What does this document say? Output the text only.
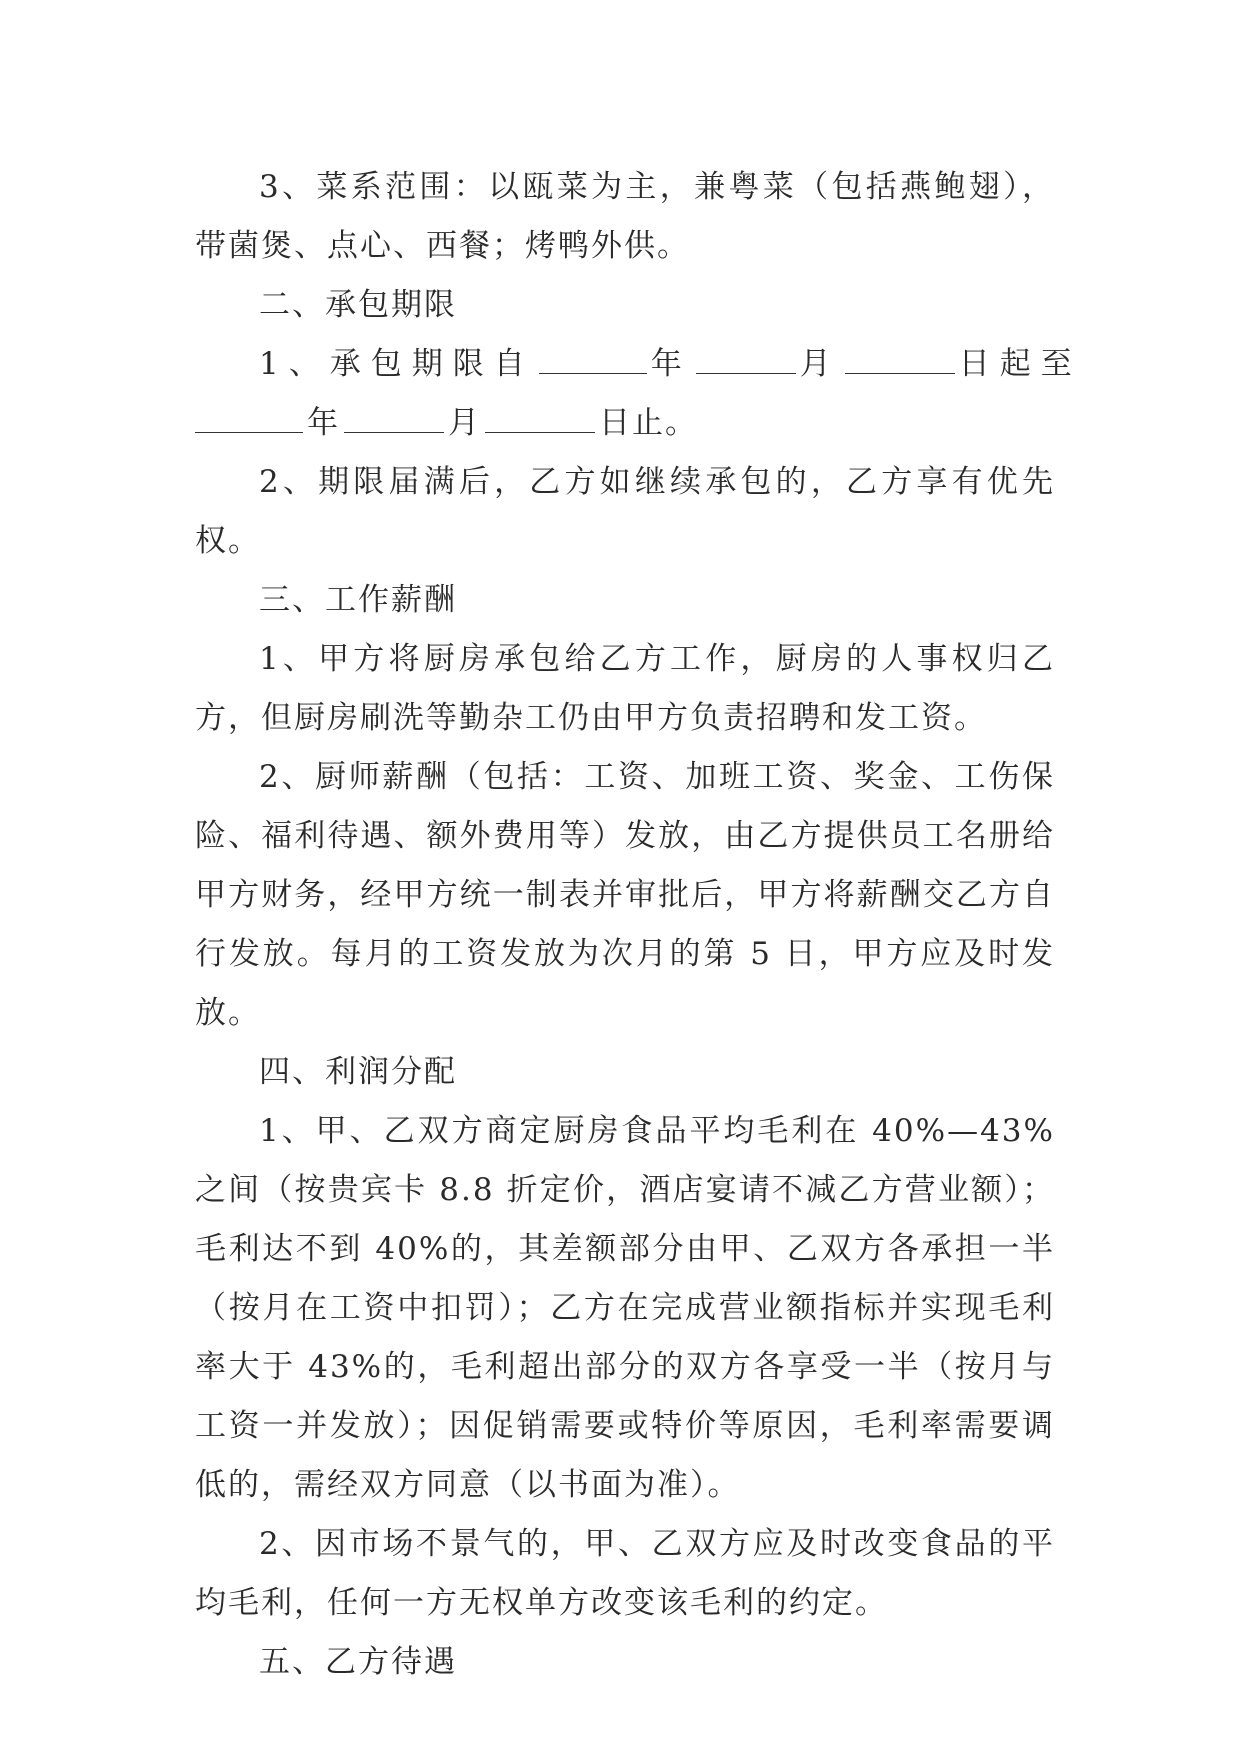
3、菜系范围：以瓯菜为主，兼粤菜（包括燕鲍翅），带菌煲、点心、西餐；烤鸭外供。

二、承包期限

1、承包期限自	年	月	日起至

年	月	日止。

2、期限届满后，乙方如继续承包的，乙方享有优先权。

三、工作薪酬

1、甲方将厨房承包给乙方工作，厨房的人事权归乙方，但厨房刷洗等勤杂工仍由甲方负责招聘和发工资。

2、厨师薪酬（包括：工资、加班工资、奖金、工伤保险、福利待遇、额外费用等）发放，由乙方提供员工名册给甲方财务，经甲方统一制表并审批后，甲方将薪酬交乙方自行发放。每月的工资发放为次月的第 5 日，甲方应及时发放。

四、利润分配

1、甲、乙双方商定厨房食品平均毛利在 40%—43%之间（按贵宾卡 8.8 折定价，酒店宴请不减乙方营业额）；毛利达不到 40%的，其差额部分由甲、乙双方各承担一半（按月在工资中扣罚）；乙方在完成营业额指标并实现毛利率大于 43%的，毛利超出部分的双方各享受一半（按月与工资一并发放）；因促销需要或特价等原因，毛利率需要调低的，需经双方同意（以书面为准）。

2、因市场不景气的，甲、乙双方应及时改变食品的平均毛利，任何一方无权单方改变该毛利的约定。

五、乙方待遇
